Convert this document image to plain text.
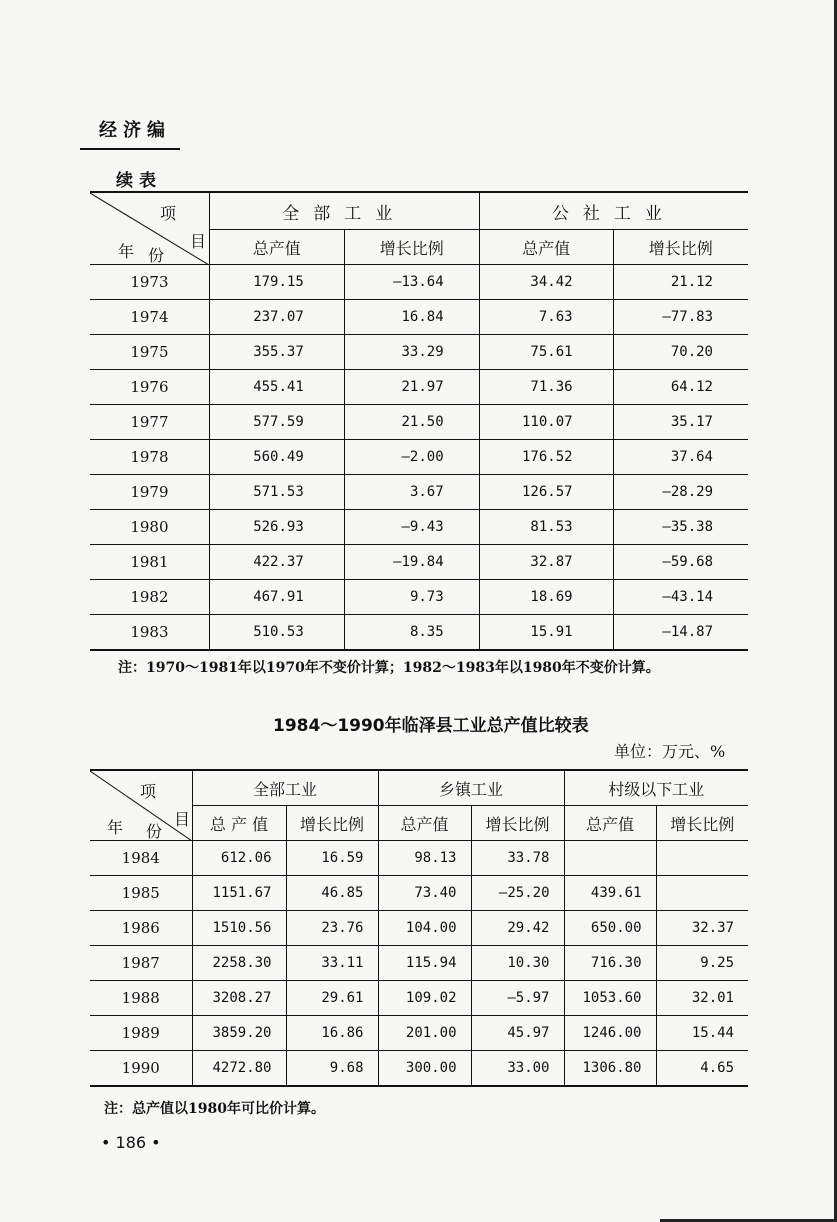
经济编
续表
项
目
年 份	全部工业		公社工业	
	总产值	增长比例	总产值	增长比例
1973	179.15	—13.64	34.42	21.12
1974	237.07	16.84	7.63	—77.83
1975	355.37	33.29	75.61	70.20
1976	455.41	21.97	71.36	64.12
1977	577.59	21.50	110.07	35.17
1978	560.49	—2.00	176.52	37.64
1979	571.53	3.67	126.57	—28.29
1980	526.93	—9.43	81.53	—35.38
1981	422.37	—19.84	32.87	—59.68
1982	467.91	9.73	18.69	—43.14
1983	510.53	8.35	15.91	—14.87
注：1970～1981年以1970年不变价计算；1982～1983年以1980年不变价计算。
1984～1990年临泽县工业总产值比较表
单位：万元、%
项
目
年 份	全部工业		乡镇工业		村级以下工业	
	总 产 值	增长比例	总产值	增长比例	总产值	增长比例
1984	612.06	16.59	98.13	33.78		
1985	1151.67	46.85	73.40	—25.20	439.61	
1986	1510.56	23.76	104.00	29.42	650.00	32.37
1987	2258.30	33.11	115.94	10.30	716.30	9.25
1988	3208.27	29.61	109.02	—5.97	1053.60	32.01
1989	3859.20	16.86	201.00	45.97	1246.00	15.44
1990	4272.80	9.68	300.00	33.00	1306.80	4.65
注：总产值以1980年可比价计算。
• 186 •
